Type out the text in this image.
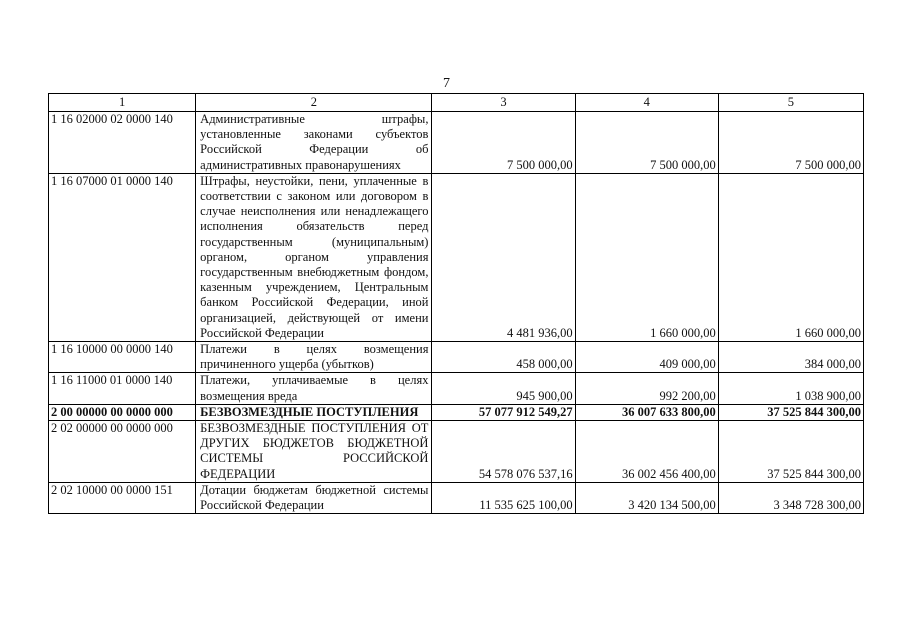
7
1	2	3	4	5
1 16 02000 02 0000 140	Административные штрафы, установленные законами субъектов Российской Федерации об административных правонарушениях	7 500 000,00	7 500 000,00	7 500 000,00
1 16 07000 01 0000 140	Штрафы, неустойки, пени, уплаченные в соответствии с законом или договором в случае неисполнения или ненадлежащего исполнения обязательств перед государственным (муниципальным) органом, органом управления государственным внебюджетным фондом, казенным учреждением, Центральным банком Российской Федерации, иной организацией, действующей от имени Российской Федерации	4 481 936,00	1 660 000,00	1 660 000,00
1 16 10000 00 0000 140	Платежи в целях возмещения причиненного ущерба (убытков)	458 000,00	409 000,00	384 000,00
1 16 11000 01 0000 140	Платежи, уплачиваемые в целях возмещения вреда	945 900,00	992 200,00	1 038 900,00
2 00 00000 00 0000 000	БЕЗВОЗМЕЗДНЫЕ ПОСТУПЛЕНИЯ	57 077 912 549,27	36 007 633 800,00	37 525 844 300,00
2 02 00000 00 0000 000	БЕЗВОЗМЕЗДНЫЕ ПОСТУПЛЕНИЯ ОТ ДРУГИХ БЮДЖЕТОВ БЮДЖЕТНОЙ СИСТЕМЫ РОССИЙСКОЙ ФЕДЕРАЦИИ	54 578 076 537,16	36 002 456 400,00	37 525 844 300,00
2 02 10000 00 0000 151	Дотации бюджетам бюджетной системы Российской Федерации	11 535 625 100,00	3 420 134 500,00	3 348 728 300,00
